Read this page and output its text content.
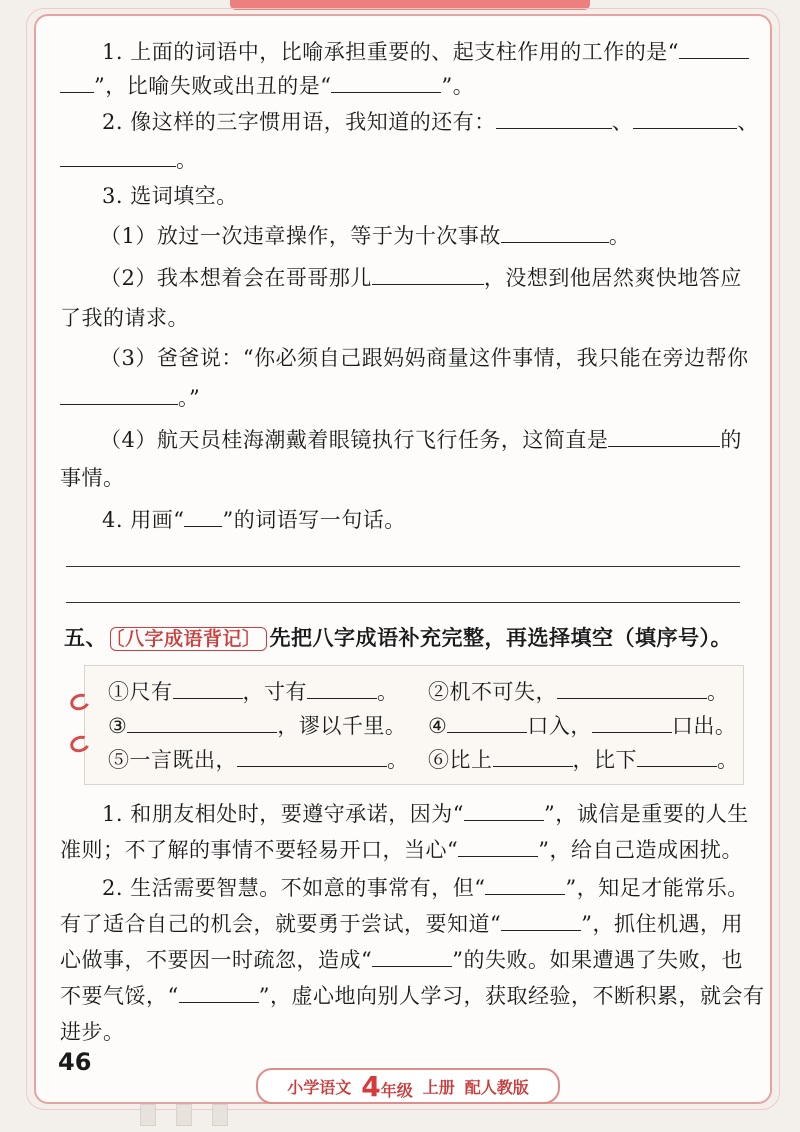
1. 上面的词语中，比喻承担重要的、起支柱作用的工作的是“
”，比喻失败或出丑的是“	”。
2. 像这样的三字惯用语，我知道的还有：	、	、
。
3. 选词填空。
（1）放过一次违章操作，等于为十次事故	。
（2）我本想着会在哥哥那儿	，没想到他居然爽快地答应
了我的请求。
（3）爸爸说：“你必须自己跟妈妈商量这件事情，我只能在旁边帮你
。”
（4）航天员桂海潮戴着眼镜执行飞行任务，这简直是	的
事情。
4. 用画“ ”的词语写一句话。
五、 〔八字成语背记〕 先把八字成语补充完整，再选择填空（填序号）。
①尺有	，寸有	。 ②机不可失，	。
③	，谬以千里。 ④	口入，	口出。
⑤一言既出，	。 ⑥比上	，比下	。
1. 和朋友相处时，要遵守承诺，因为“	”，诚信是重要的人生
准则；不了解的事情不要轻易开口，当心“	”，给自己造成困扰。
2. 生活需要智慧。不如意的事常有，但“	”，知足才能常乐。
有了适合自己的机会，就要勇于尝试，要知道“	”，抓住机遇，用
心做事，不要因一时疏忽，造成“	”的失败。如果遭遇了失败，也
不要气馁，“	”，虚心地向别人学习，获取经验，不断积累，就会有
进步。
46
小学语文 4年级 上册 配人教版
